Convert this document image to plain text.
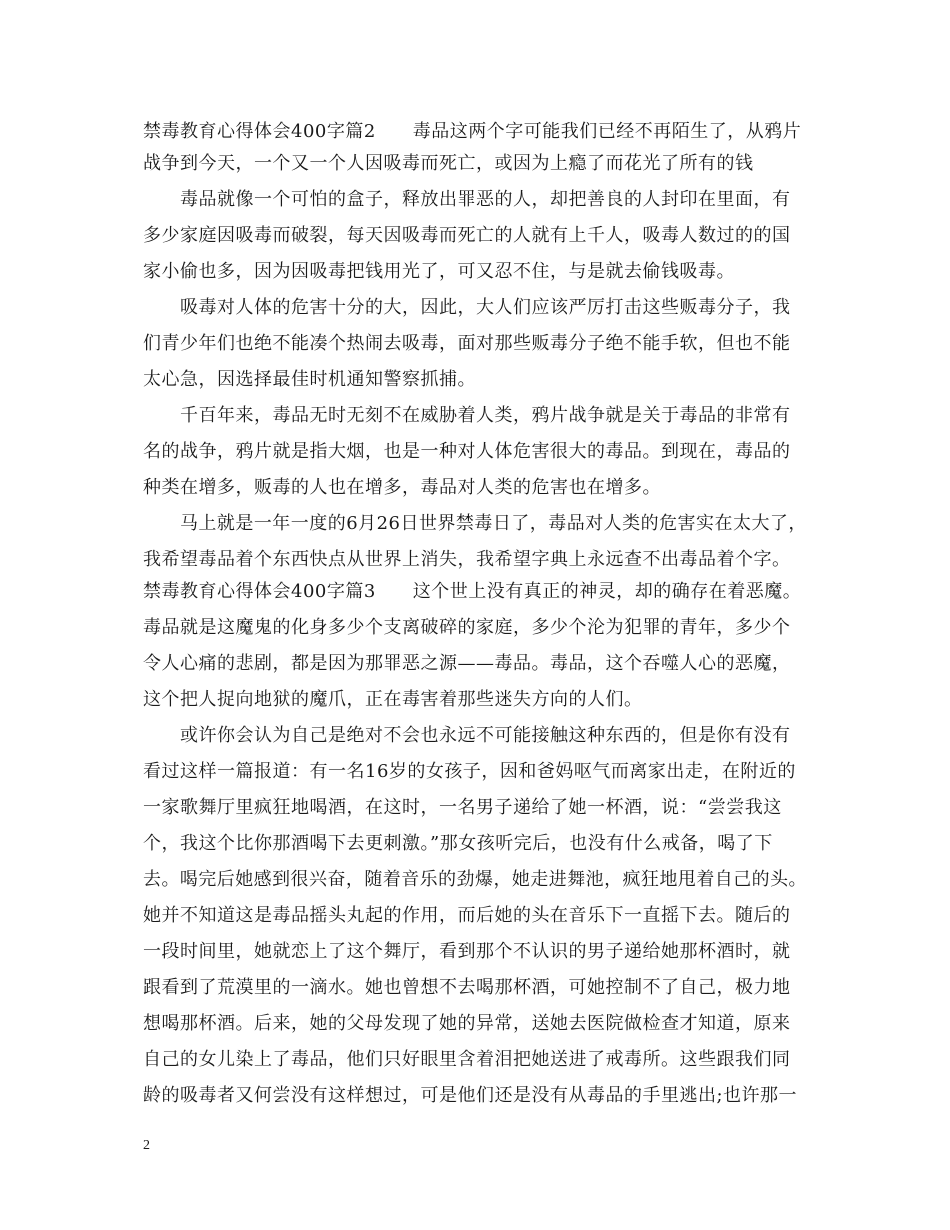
禁毒教育心得体会400字篇2　　毒品这两个字可能我们已经不再陌生了，从鸦片
战争到今天，一个又一个人因吸毒而死亡，或因为上瘾了而花光了所有的钱
　　毒品就像一个可怕的盒子，释放出罪恶的人，却把善良的人封印在里面，有
多少家庭因吸毒而破裂，每天因吸毒而死亡的人就有上千人，吸毒人数过的的国
家小偷也多，因为因吸毒把钱用光了，可又忍不住，与是就去偷钱吸毒。
　　吸毒对人体的危害十分的大，因此，大人们应该严厉打击这些贩毒分子，我
们青少年们也绝不能凑个热闹去吸毒，面对那些贩毒分子绝不能手软，但也不能
太心急，因选择最佳时机通知警察抓捕。
　　千百年来，毒品无时无刻不在威胁着人类，鸦片战争就是关于毒品的非常有
名的战争，鸦片就是指大烟，也是一种对人体危害很大的毒品。到现在，毒品的
种类在增多，贩毒的人也在增多，毒品对人类的危害也在增多。
　　马上就是一年一度的6月26日世界禁毒日了，毒品对人类的危害实在太大了，
我希望毒品着个东西快点从世界上消失，我希望字典上永远查不出毒品着个字。
禁毒教育心得体会400字篇3　　这个世上没有真正的神灵，却的确存在着恶魔。
毒品就是这魔鬼的化身多少个支离破碎的家庭，多少个沦为犯罪的青年，多少个
令人心痛的悲剧，都是因为那罪恶之源——毒品。毒品，这个吞噬人心的恶魔，
这个把人捉向地狱的魔爪，正在毒害着那些迷失方向的人们。
　　或许你会认为自己是绝对不会也永远不可能接触这种东西的，但是你有没有
看过这样一篇报道：有一名16岁的女孩子，因和爸妈呕气而离家出走，在附近的
一家歌舞厅里疯狂地喝酒，在这时，一名男子递给了她一杯酒，说：“尝尝我这
个，我这个比你那酒喝下去更刺激。”那女孩听完后，也没有什么戒备，喝了下
去。喝完后她感到很兴奋，随着音乐的劲爆，她走进舞池，疯狂地甩着自己的头。
她并不知道这是毒品摇头丸起的作用，而后她的头在音乐下一直摇下去。随后的
一段时间里，她就恋上了这个舞厅，看到那个不认识的男子递给她那杯酒时，就
跟看到了荒漠里的一滴水。她也曾想不去喝那杯酒，可她控制不了自己，极力地
想喝那杯酒。后来，她的父母发现了她的异常，送她去医院做检查才知道，原来
自己的女儿染上了毒品，他们只好眼里含着泪把她送进了戒毒所。这些跟我们同
龄的吸毒者又何尝没有这样想过，可是他们还是没有从毒品的手里逃出;也许那一
2
